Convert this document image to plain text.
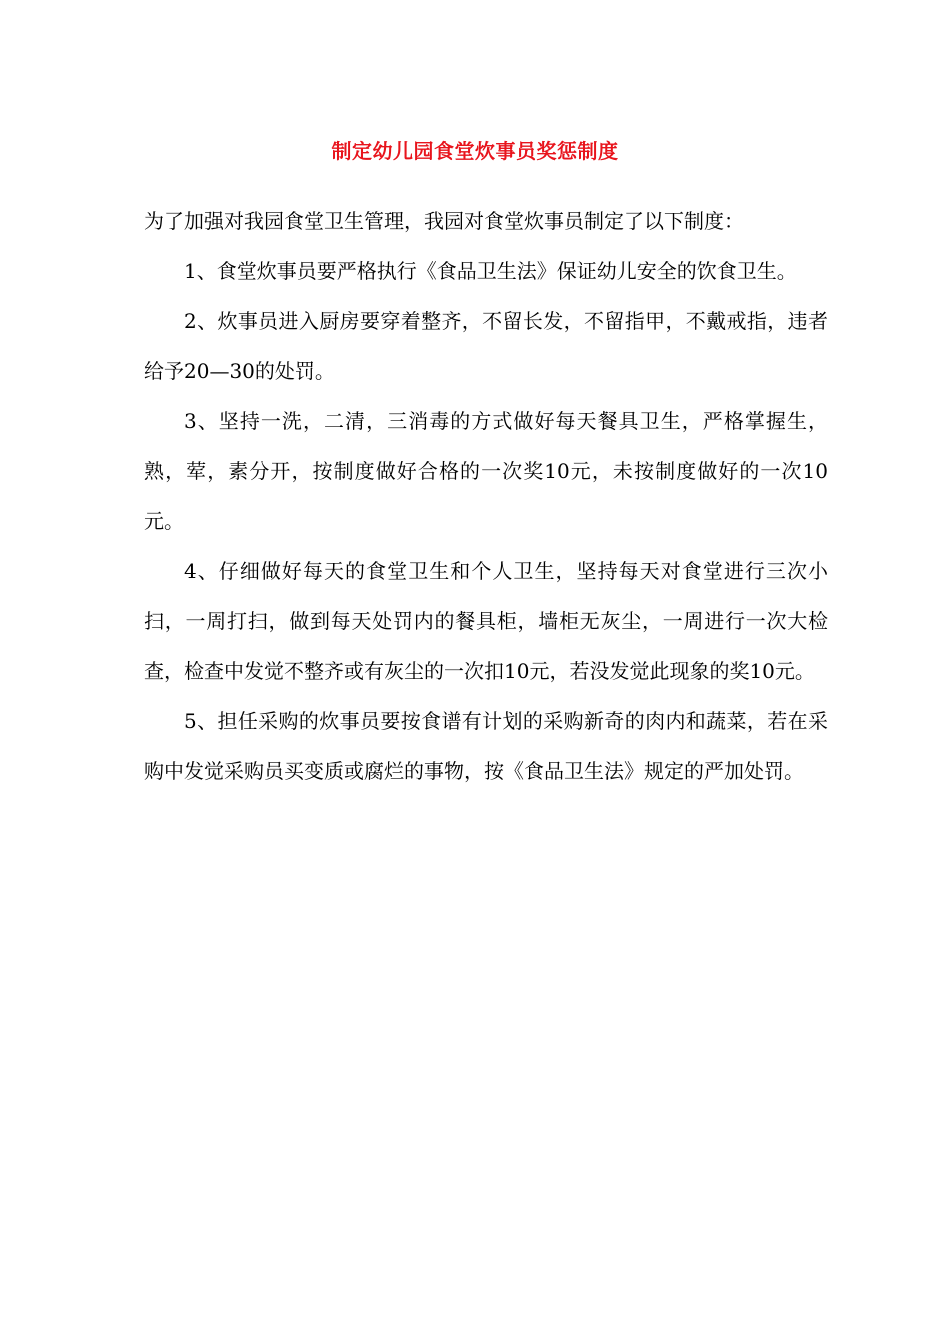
制定幼儿园食堂炊事员奖惩制度

为了加强对我园食堂卫生管理，我园对食堂炊事员制定了以下制度：

1、食堂炊事员要严格执行《食品卫生法》保证幼儿安全的饮食卫生。

2、炊事员进入厨房要穿着整齐，不留长发，不留指甲，不戴戒指，违者给予20—30的处罚。

3、坚持一洗，二清，三消毒的方式做好每天餐具卫生，严格掌握生，熟，荤，素分开，按制度做好合格的一次奖10元，未按制度做好的一次10元。

4、仔细做好每天的食堂卫生和个人卫生，坚持每天对食堂进行三次小扫，一周打扫，做到每天处罚内的餐具柜，墙柜无灰尘，一周进行一次大检查，检查中发觉不整齐或有灰尘的一次扣10元，若没发觉此现象的奖10元。

5、担任采购的炊事员要按食谱有计划的采购新奇的肉内和蔬菜，若在采购中发觉采购员买变质或腐烂的事物，按《食品卫生法》规定的严加处罚。
